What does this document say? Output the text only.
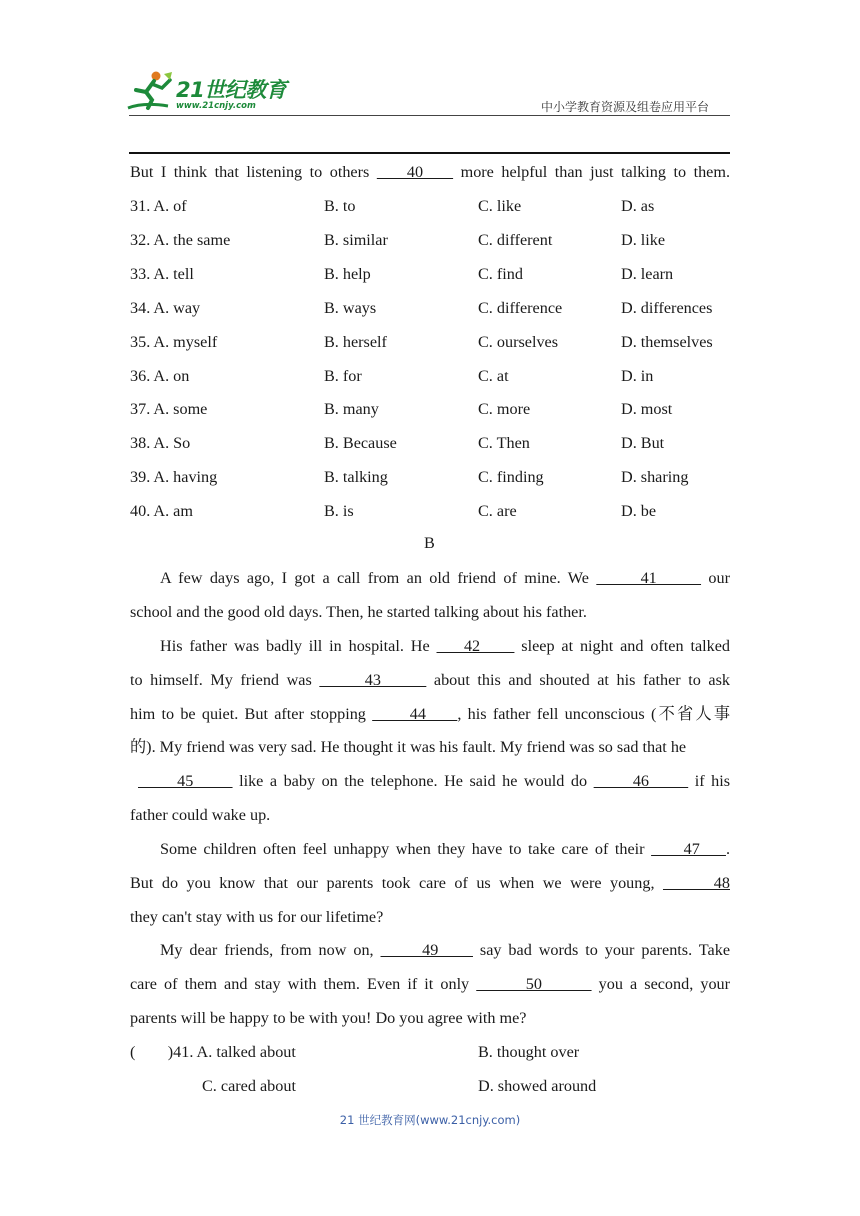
21世纪教育
www.21cnjy.com	中小学教育资源及组卷应用平台
But I think that listening to others     40     more helpful than just talking to them.
31. A. of	B. to	C. like	D. as
32. A. the same	B. similar	C. different	D. like
33. A. tell	B. help	C. find	D. learn
34. A. way	B. ways	C. difference	D. differences
35. A. myself	B. herself	C. ourselves	D. themselves
36. A. on	B. for	C. at	D. in
37. A. some	B. many	C. more	D. most
38. A. So	B. Because	C. Then	D. But
39. A. having	B. talking	C. finding	D. sharing
40. A. am	B. is	C. are	D. be
B
A few days ago, I got a call from an old friend of mine. We       41       our
school and the good old days. Then, he started talking about his father.
His father was badly ill in hospital. He     42      sleep at night and often talked
to himself. My friend was       43       about this and shouted at his father to ask
him to be quiet. But after stopping       44     , his father fell unconscious (不省人事
的). My friend was very sad. He thought it was his fault. My friend was so sad that he
45       like a baby on the telephone. He said he would do       46       if his
father could wake up.
Some children often feel unhappy when they have to take care of their      47    .
But do you know that our parents took care of us when we were young,       48
they can't stay with us for our lifetime?
My dear friends, from now on,       49      say bad words to your parents. Take
care of them and stay with them. Even if it only        50        you a second, your
parents will be happy to be with you! Do you agree with me?
(        )41. A. talked about	B. thought over
C. cared about	D. showed around
21 世纪教育网(www.21cnjy.com)
